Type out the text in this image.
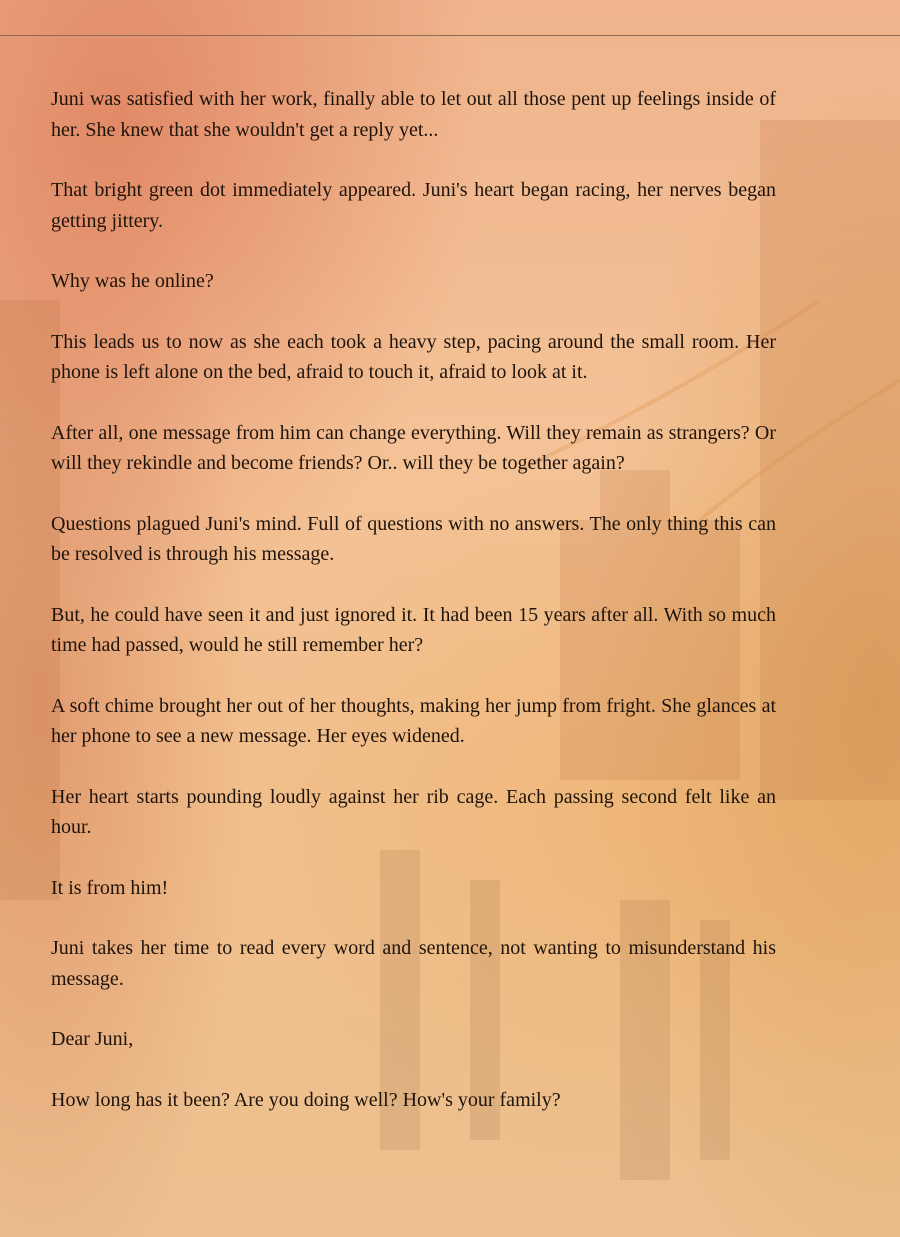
Juni was satisfied with her work, finally able to let out all those pent up feelings inside of her. She knew that she wouldn't get a reply yet...

That bright green dot immediately appeared. Juni's heart began racing, her nerves began getting jittery.

Why was he online?

This leads us to now as she each took a heavy step, pacing around the small room. Her phone is left alone on the bed, afraid to touch it, afraid to look at it.

After all, one message from him can change everything. Will they remain as strangers? Or will they rekindle and become friends? Or.. will they be together again?

Questions plagued Juni's mind. Full of questions with no answers. The only thing this can be resolved is through his message.

But, he could have seen it and just ignored it. It had been 15 years after all. With so much time had passed, would he still remember her?

A soft chime brought her out of her thoughts, making her jump from fright. She glances at her phone to see a new message. Her eyes widened.

Her heart starts pounding loudly against her rib cage. Each passing second felt like an hour.

It is from him!

Juni takes her time to read every word and sentence, not wanting to misunderstand his message.

Dear Juni,

How long has it been? Are you doing well? How's your family?
